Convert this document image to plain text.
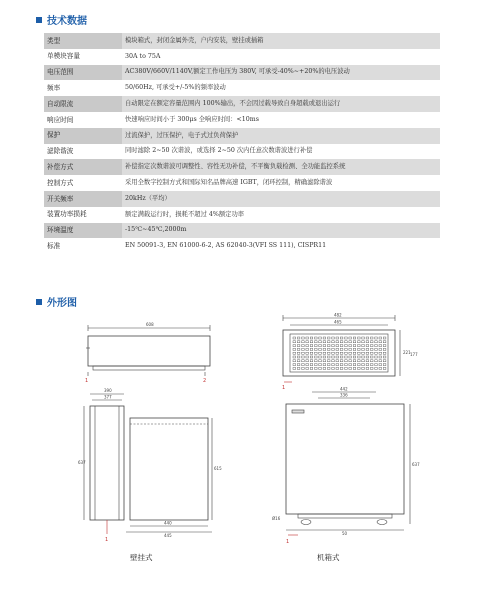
技术数据
类型	模块箱式，封闭金属外壳，户内安装，壁挂或插箱
单模块容量	30A to 75A
电压范围	AC380V/660V/1140V,额定工作电压为 380V, 可承受-40%~+20%的电压波动
频率	50/60Hz, 可承受+/-5%的频率波动
自动限流	自动限定在额定容量范围内 100%输出，不会因过载导致自身超载或退出运行
响应时间	快速响应时间小于 300μs 全响应时间：<10ms
保护	过流保护，过压保护，电子式过负荷保护
滤除谐波	同时滤除 2~50 次谐波，或选择 2~50 次内任意次数谐波进行补偿
补偿方式	补偿指定次数谐波可调整性、容性无功补偿，不平衡负载检测、全功能监控系统
控制方式	采用全数字控制方式和国际知名品牌高速 IGBT，闭环控制，精确滤除谐波
开关频率	20kHz（平均）
装置功率损耗	额定满载运行时，损耗不超过 4%额定功率
环境温度	-15℃~45℃,2000m
标准	EN 50091-3, EN 61000-6-2, AS 62040-3(VFI SS 111), CISPR11
外形图
608
1	2
482
465
221 177
1
390
377
637
615
440
445
1
442
336
637
Ø16
50
1
壁挂式	机箱式
